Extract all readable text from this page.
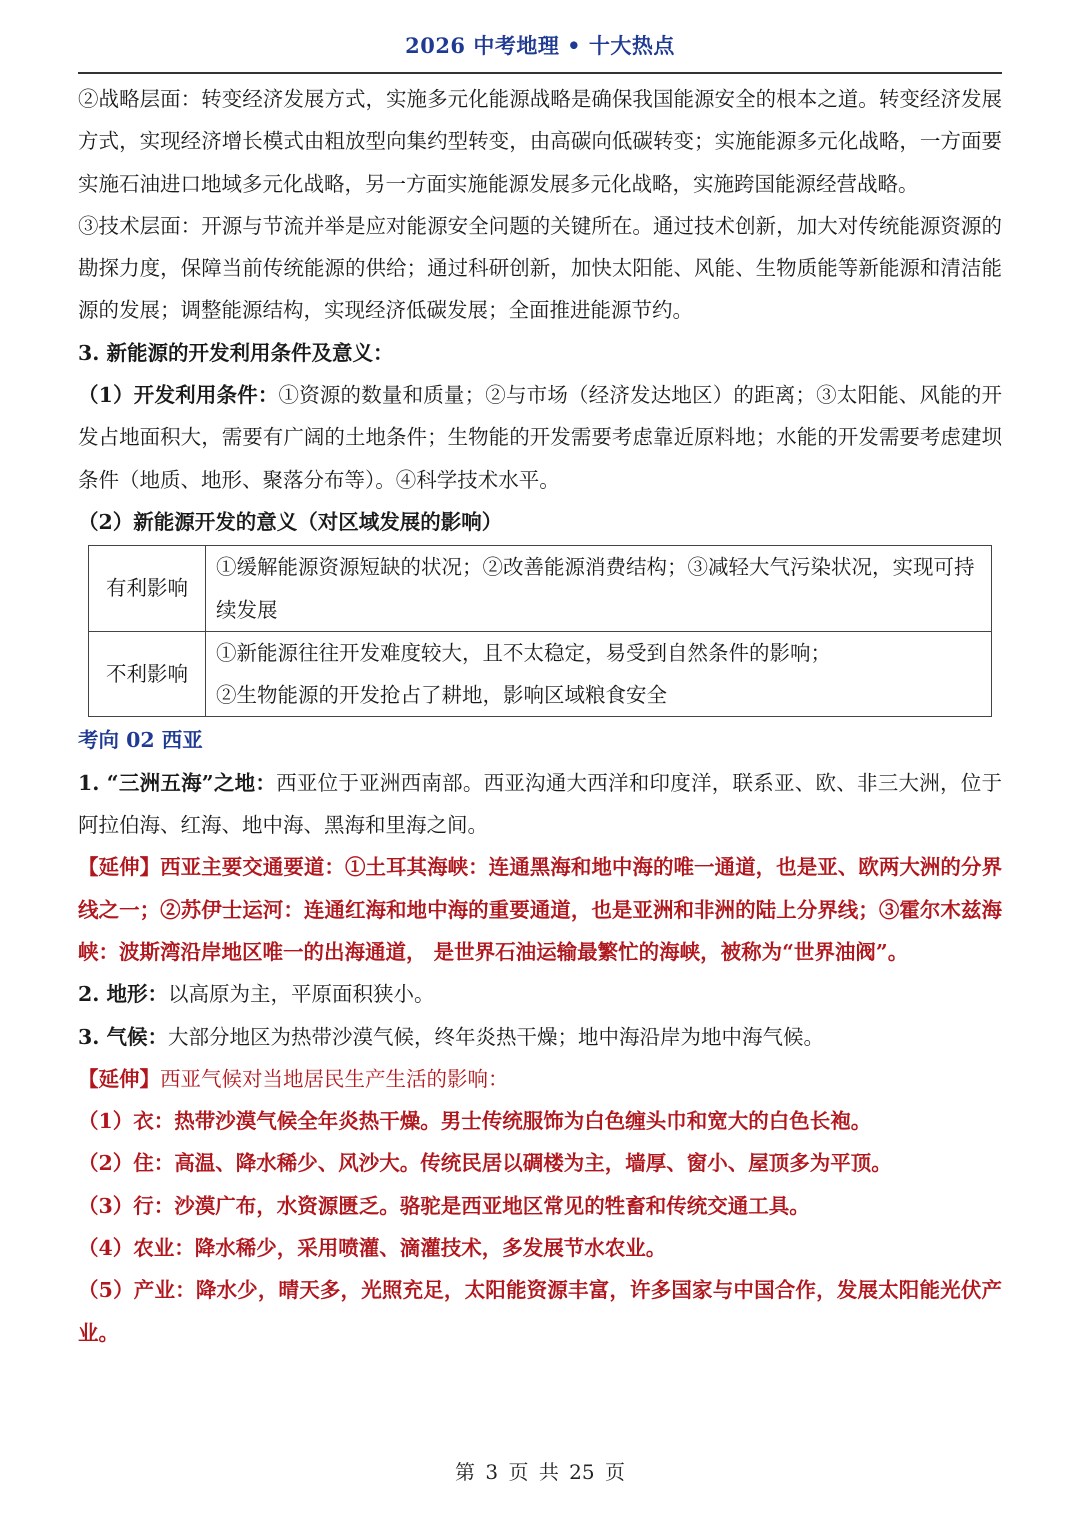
2026 中考地理 • 十大热点

②战略层面：转变经济发展方式，实施多元化能源战略是确保我国能源安全的根本之道。转变经济发展方式，实现经济增长模式由粗放型向集约型转变，由高碳向低碳转变；实施能源多元化战略，一方面要实施石油进口地域多元化战略，另一方面实施能源发展多元化战略，实施跨国能源经营战略。

③技术层面：开源与节流并举是应对能源安全问题的关键所在。通过技术创新，加大对传统能源资源的勘探力度，保障当前传统能源的供给；通过科研创新，加快太阳能、风能、生物质能等新能源和清洁能源的发展；调整能源结构，实现经济低碳发展；全面推进能源节约。

3. 新能源的开发利用条件及意义：

（1）开发利用条件：①资源的数量和质量；②与市场（经济发达地区）的距离；③太阳能、风能的开发占地面积大，需要有广阔的土地条件；生物能的开发需要考虑靠近原料地；水能的开发需要考虑建坝条件（地质、地形、聚落分布等）。④科学技术水平。

（2）新能源开发的意义（对区域发展的影响）

有利影响	①缓解能源资源短缺的状况；②改善能源消费结构；③减轻大气污染状况，实现可持续发展
不利影响	①新能源往往开发难度较大，且不太稳定，易受到自然条件的影响；
②生物能源的开发抢占了耕地，影响区域粮食安全

考向 02 西亚

1. “三洲五海”之地：西亚位于亚洲西南部。西亚沟通大西洋和印度洋，联系亚、欧、非三大洲，位于阿拉伯海、红海、地中海、黑海和里海之间。

【延伸】西亚主要交通要道：①土耳其海峡：连通黑海和地中海的唯一通道，也是亚、欧两大洲的分界线之一；②苏伊士运河：连通红海和地中海的重要通道，也是亚洲和非洲的陆上分界线；③霍尔木兹海峡：波斯湾沿岸地区唯一的出海通道， 是世界石油运输最繁忙的海峡，被称为“世界油阀”。

2. 地形：以高原为主，平原面积狭小。

3. 气候：大部分地区为热带沙漠气候，终年炎热干燥；地中海沿岸为地中海气候。

【延伸】西亚气候对当地居民生产生活的影响：

（1）衣：热带沙漠气候全年炎热干燥。男士传统服饰为白色缠头巾和宽大的白色长袍。

（2）住：高温、降水稀少、风沙大。传统民居以碉楼为主，墙厚、窗小、屋顶多为平顶。

（3）行：沙漠广布，水资源匮乏。骆驼是西亚地区常见的牲畜和传统交通工具。

（4）农业：降水稀少，采用喷灌、滴灌技术，多发展节水农业。

（5）产业：降水少，晴天多，光照充足，太阳能资源丰富，许多国家与中国合作，发展太阳能光伏产业。

第 3 页 共 25 页
